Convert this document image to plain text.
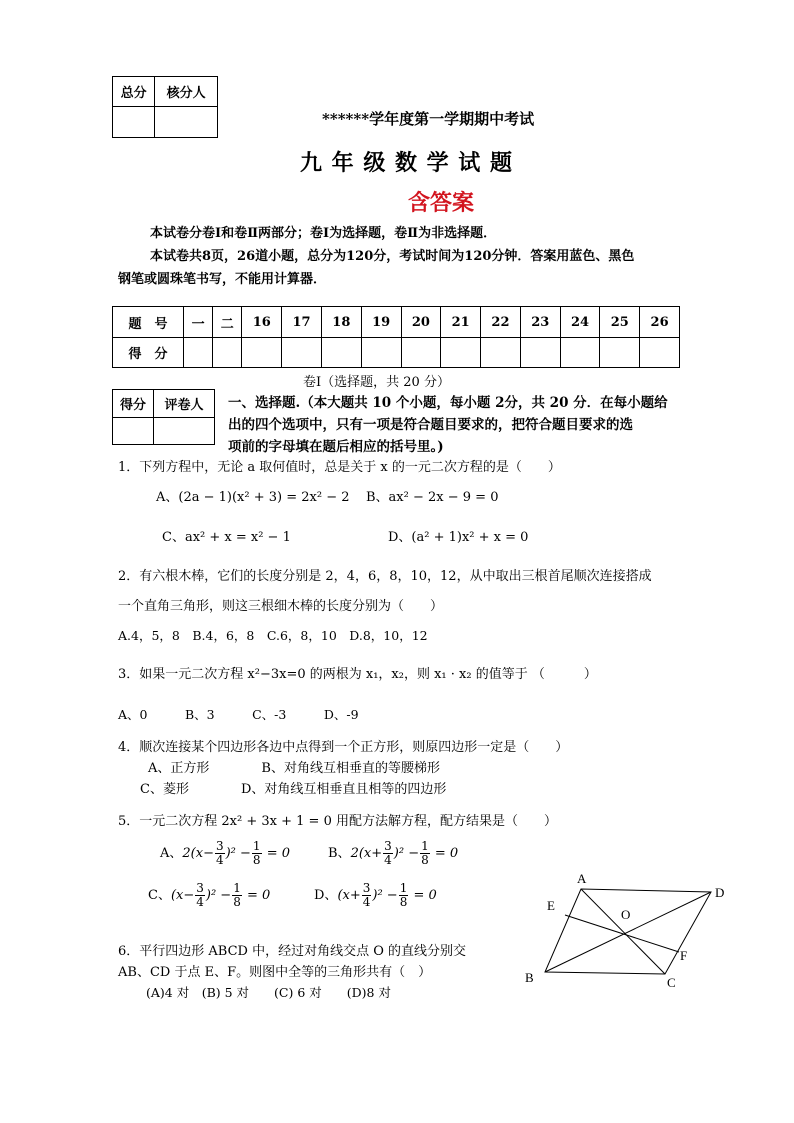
总分	核分人

******学年度第一学期期中考试
九 年 级 数 学 试 题
含答案
本试卷分卷Ⅰ和卷Ⅱ两部分；卷Ⅰ为选择题，卷Ⅱ为非选择题．
本试卷共8页，26道小题，总分为120分，考试时间为120分钟．答案用蓝色、黑色
钢笔或圆珠笔书写，不能用计算器．
题　号	一	二	16	17	18	19	20	21	22	23	24	25	26
得　分													
卷Ⅰ（选择题，共 20 分）
得分	评卷人
	一、选择题.（本大题共 10 个小题，每小题 2分，共 20 分．在每小题给
出的四个选项中，只有一项是符合题目要求的，把符合题目要求的选
项前的字母填在题后相应的括号里。)
1．下列方程中，无论 a 取何值时，总是关于 x 的一元二次方程的是（　　）
A、(2a − 1)(x² + 3) = 2x² − 2 B、ax² − 2x − 9 = 0
C、ax² + x = x² − 1	D、(a² + 1)x² + x = 0
2．有六根木棒，它们的长度分别是 2，4，6，8，10，12，从中取出三根首尾顺次连接搭成
一个直角三角形，则这三根细木棒的长度分别为（　　）
A.4，5，8　B.4，6，8　C.6，8，10　D.8，10，12
3．如果一元二次方程 x²−3x=0 的两根为 x₁，x₂，则 x₁ · x₂ 的值等于 （　　　）
A、0　　　B、3　　　C、-3　　　D、-9
4．顺次连接某个四边形各边中点得到一个正方形，则原四边形一定是（　　）
A、正方形　　　　B、对角线互相垂直的等腰梯形
C、菱形　　　　D、对角线互相垂直且相等的四边形
5．一元二次方程 2x² + 3x + 1 = 0 用配方法解方程，配方结果是（　　）
A、$2(x- \frac{3}{4} )^2 - \frac{1}{8} = 0$	B、$2(x+ \frac{3}{4} )^2 - \frac{1}{8} = 0$
C、$(x- \frac{3}{4} )^2 - \frac{1}{8} = 0$	D、$(x+ \frac{3}{4} )^2 - \frac{1}{8} = 0$
6．平行四边形 ABCD 中，经过对角线交点 O 的直线分别交
AB、CD 于点 E、F。则图中全等的三角形共有（　）
(A)4 对　(B) 5 对　　(C) 6 对　　(D)8 对
A
D
E
O
F
B	C
